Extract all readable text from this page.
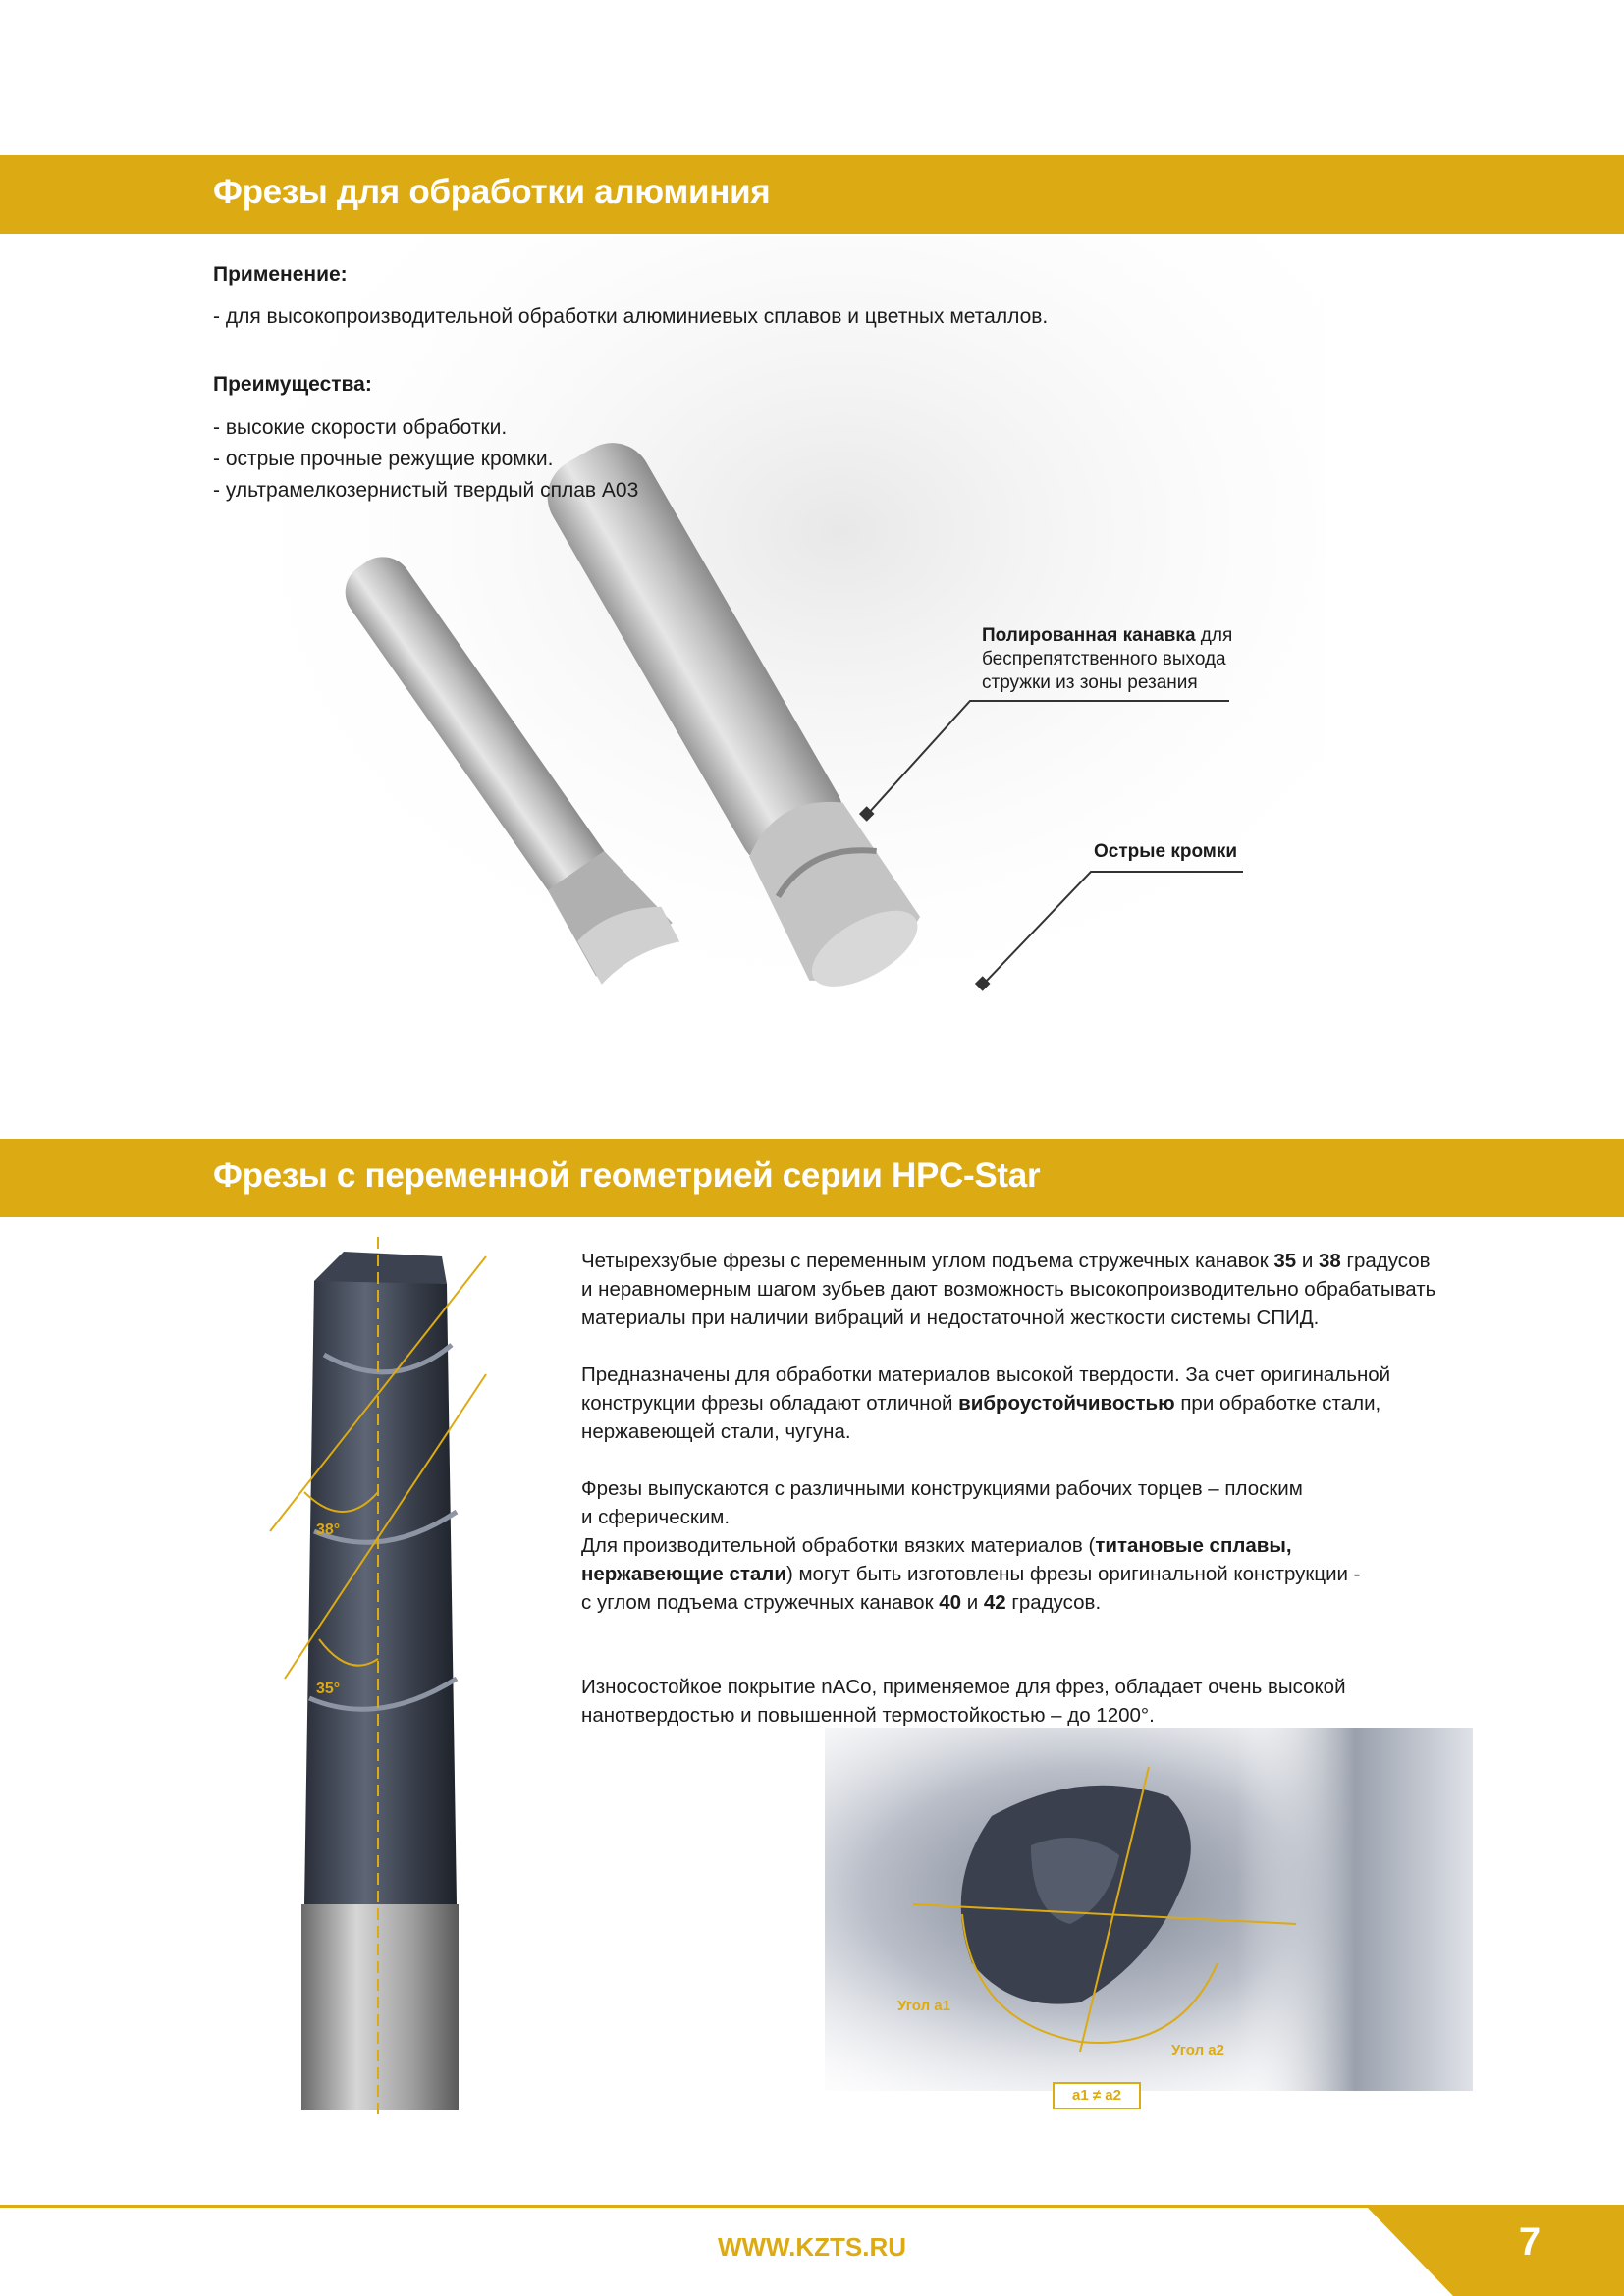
Фрезы для обработки алюминия
Применение:
- для высокопроизводительной обработки алюминиевых сплавов и цветных металлов.
Преимущества:
- высокие скорости обработки.
- острые прочные режущие кромки.
- ультрамелкозернистый твердый сплав А03
Полированная канавка для
беспрепятственного выхода
стружки из зоны резания
Острые кромки
Фрезы с переменной геометрией серии HPC-Star
38°
35°
Четырехзубые фрезы с переменным углом подъема стружечных канавок 35 и 38 градусов
и неравномерным шагом зубьев дают возможность высокопроизводительно обрабатывать
материалы при наличии вибраций и недостаточной жесткости системы СПИД.
Предназначены для обработки материалов высокой твердости. За счет оригинальной
конструкции фрезы обладают отличной виброустойчивостью при обработке стали,
нержавеющей стали, чугуна.
Фрезы выпускаются с различными конструкциями рабочих торцев – плоским
и сферическим.
Для производительной обработки вязких материалов (титановые сплавы,
нержавеющие стали) могут быть изготовлены фрезы оригинальной конструкции -
с углом подъема стружечных канавок 40 и 42 градусов.
Износостойкое покрытие nACo, применяемое для фрез, обладает очень высокой
нанотвердостью и повышенной термостойкостью – до 1200°.
Угол a1
Угол a2
a1 ≠ a2
WWW.KZTS.RU	7
